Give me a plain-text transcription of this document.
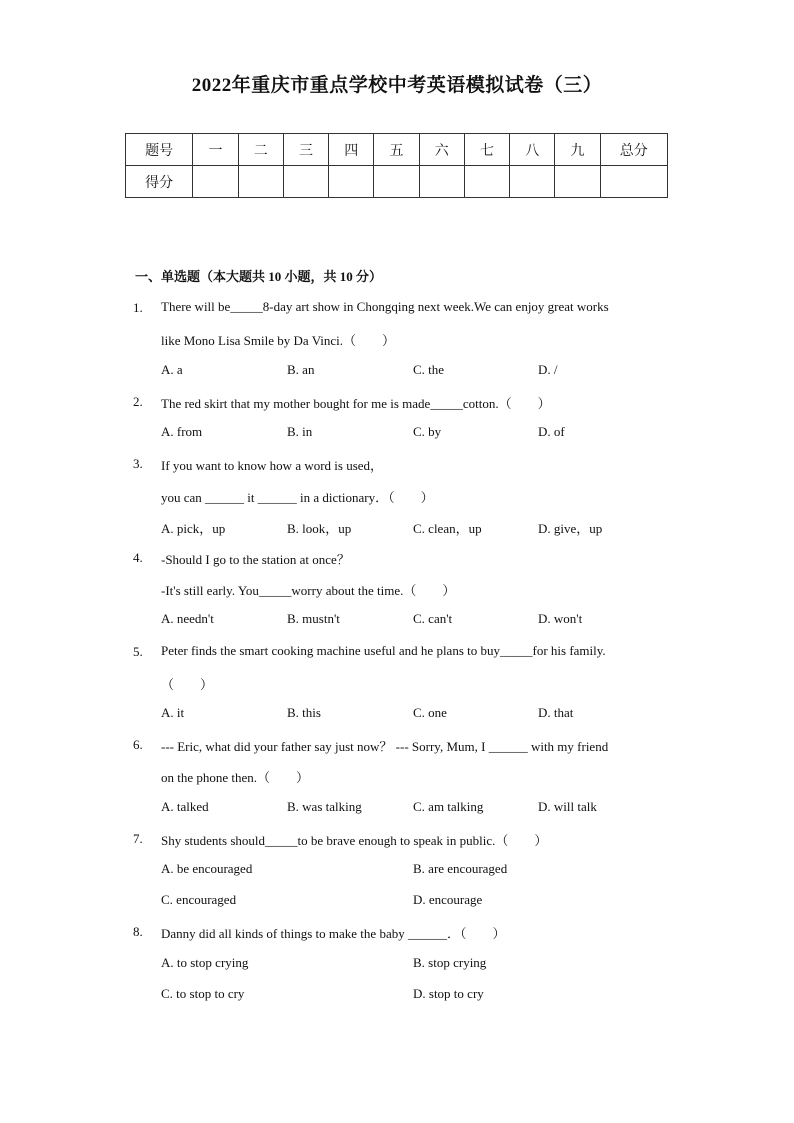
2022年重庆市重点学校中考英语模拟试卷（三）
题号	一	二	三	四	五	六	七	八	九	总分
得分										
一、单选题（本大题共 10 小题，共 10 分）
1. There will be_____8-day art show in Chongqing next week.We can enjoy great works
like Mono Lisa Smile by Da Vinci.（　　）
A. a	B. an	C. the	D. /
2. The red skirt that my mother bought for me is made_____cotton.（　　）
A. from	B. in	C. by	D. of
3. If you want to know how a word is used，
you can ______ it ______ in a dictionary．（　　）
A. pick，up	B. look，up	C. clean，up	D. give，up
4. -Should I go to the station at once？
-It's still early. You_____worry about the time.（　　）
A. needn't	B. mustn't	C. can't	D. won't
5. Peter finds the smart cooking machine useful and he plans to buy_____for his family.
（　　）
A. it	B. this	C. one	D. that
6. --- Eric, what did your father say just now？ --- Sorry, Mum, I ______ with my friend
on the phone then.（　　）
A. talked	B. was talking	C. am talking	D. will talk
7. Shy students should_____to be brave enough to speak in public.（　　）
A. be encouraged	B. are encouraged
C. encouraged	D. encourage
8. Danny did all kinds of things to make the baby ______．（　　）
A. to stop crying	B. stop crying
C. to stop to cry	D. stop to cry
